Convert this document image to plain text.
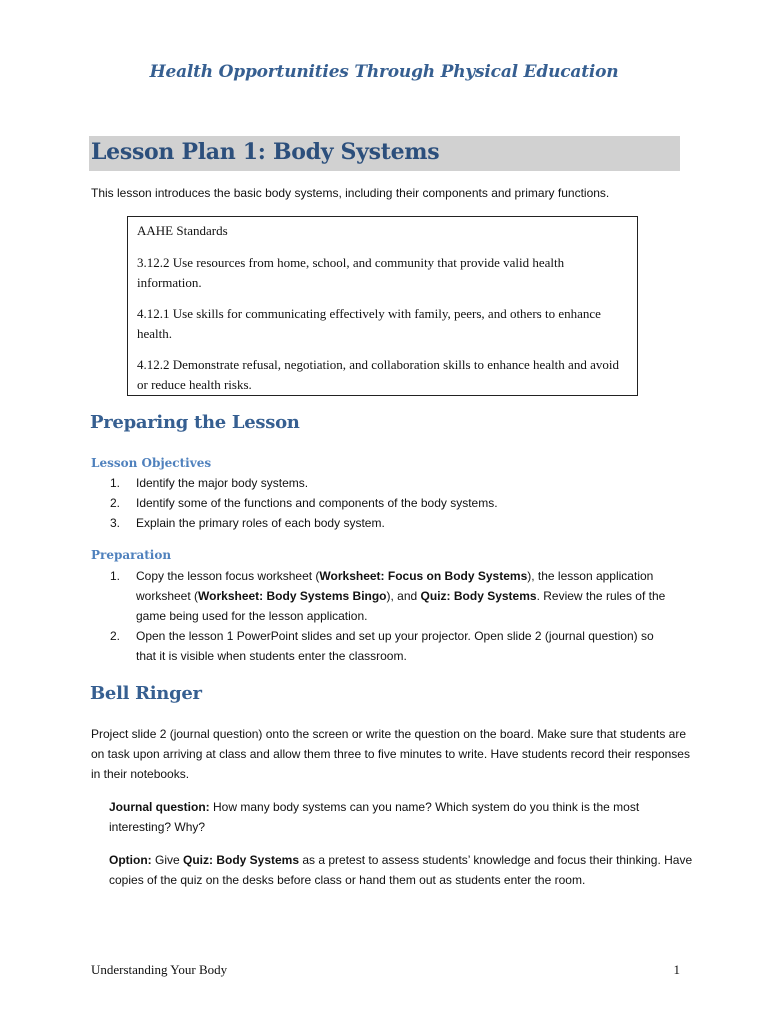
Health Opportunities Through Physical Education
Lesson Plan 1: Body Systems
This lesson introduces the basic body systems, including their components and primary functions.
AAHE Standards
3.12.2 Use resources from home, school, and community that provide valid health information.
4.12.1 Use skills for communicating effectively with family, peers, and others to enhance health.
4.12.2 Demonstrate refusal, negotiation, and collaboration skills to enhance health and avoid or reduce health risks.
Preparing the Lesson
Lesson Objectives
1. Identify the major body systems.
2. Identify some of the functions and components of the body systems.
3. Explain the primary roles of each body system.
Preparation
1. Copy the lesson focus worksheet (Worksheet: Focus on Body Systems), the lesson application worksheet (Worksheet: Body Systems Bingo), and Quiz: Body Systems. Review the rules of the game being used for the lesson application.
2. Open the lesson 1 PowerPoint slides and set up your projector. Open slide 2 (journal question) so that it is visible when students enter the classroom.
Bell Ringer
Project slide 2 (journal question) onto the screen or write the question on the board. Make sure that students are on task upon arriving at class and allow them three to five minutes to write. Have students record their responses in their notebooks.
Journal question: How many body systems can you name? Which system do you think is the most interesting? Why?
Option: Give Quiz: Body Systems as a pretest to assess students’ knowledge and focus their thinking. Have copies of the quiz on the desks before class or hand them out as students enter the room.
Understanding Your Body	1
